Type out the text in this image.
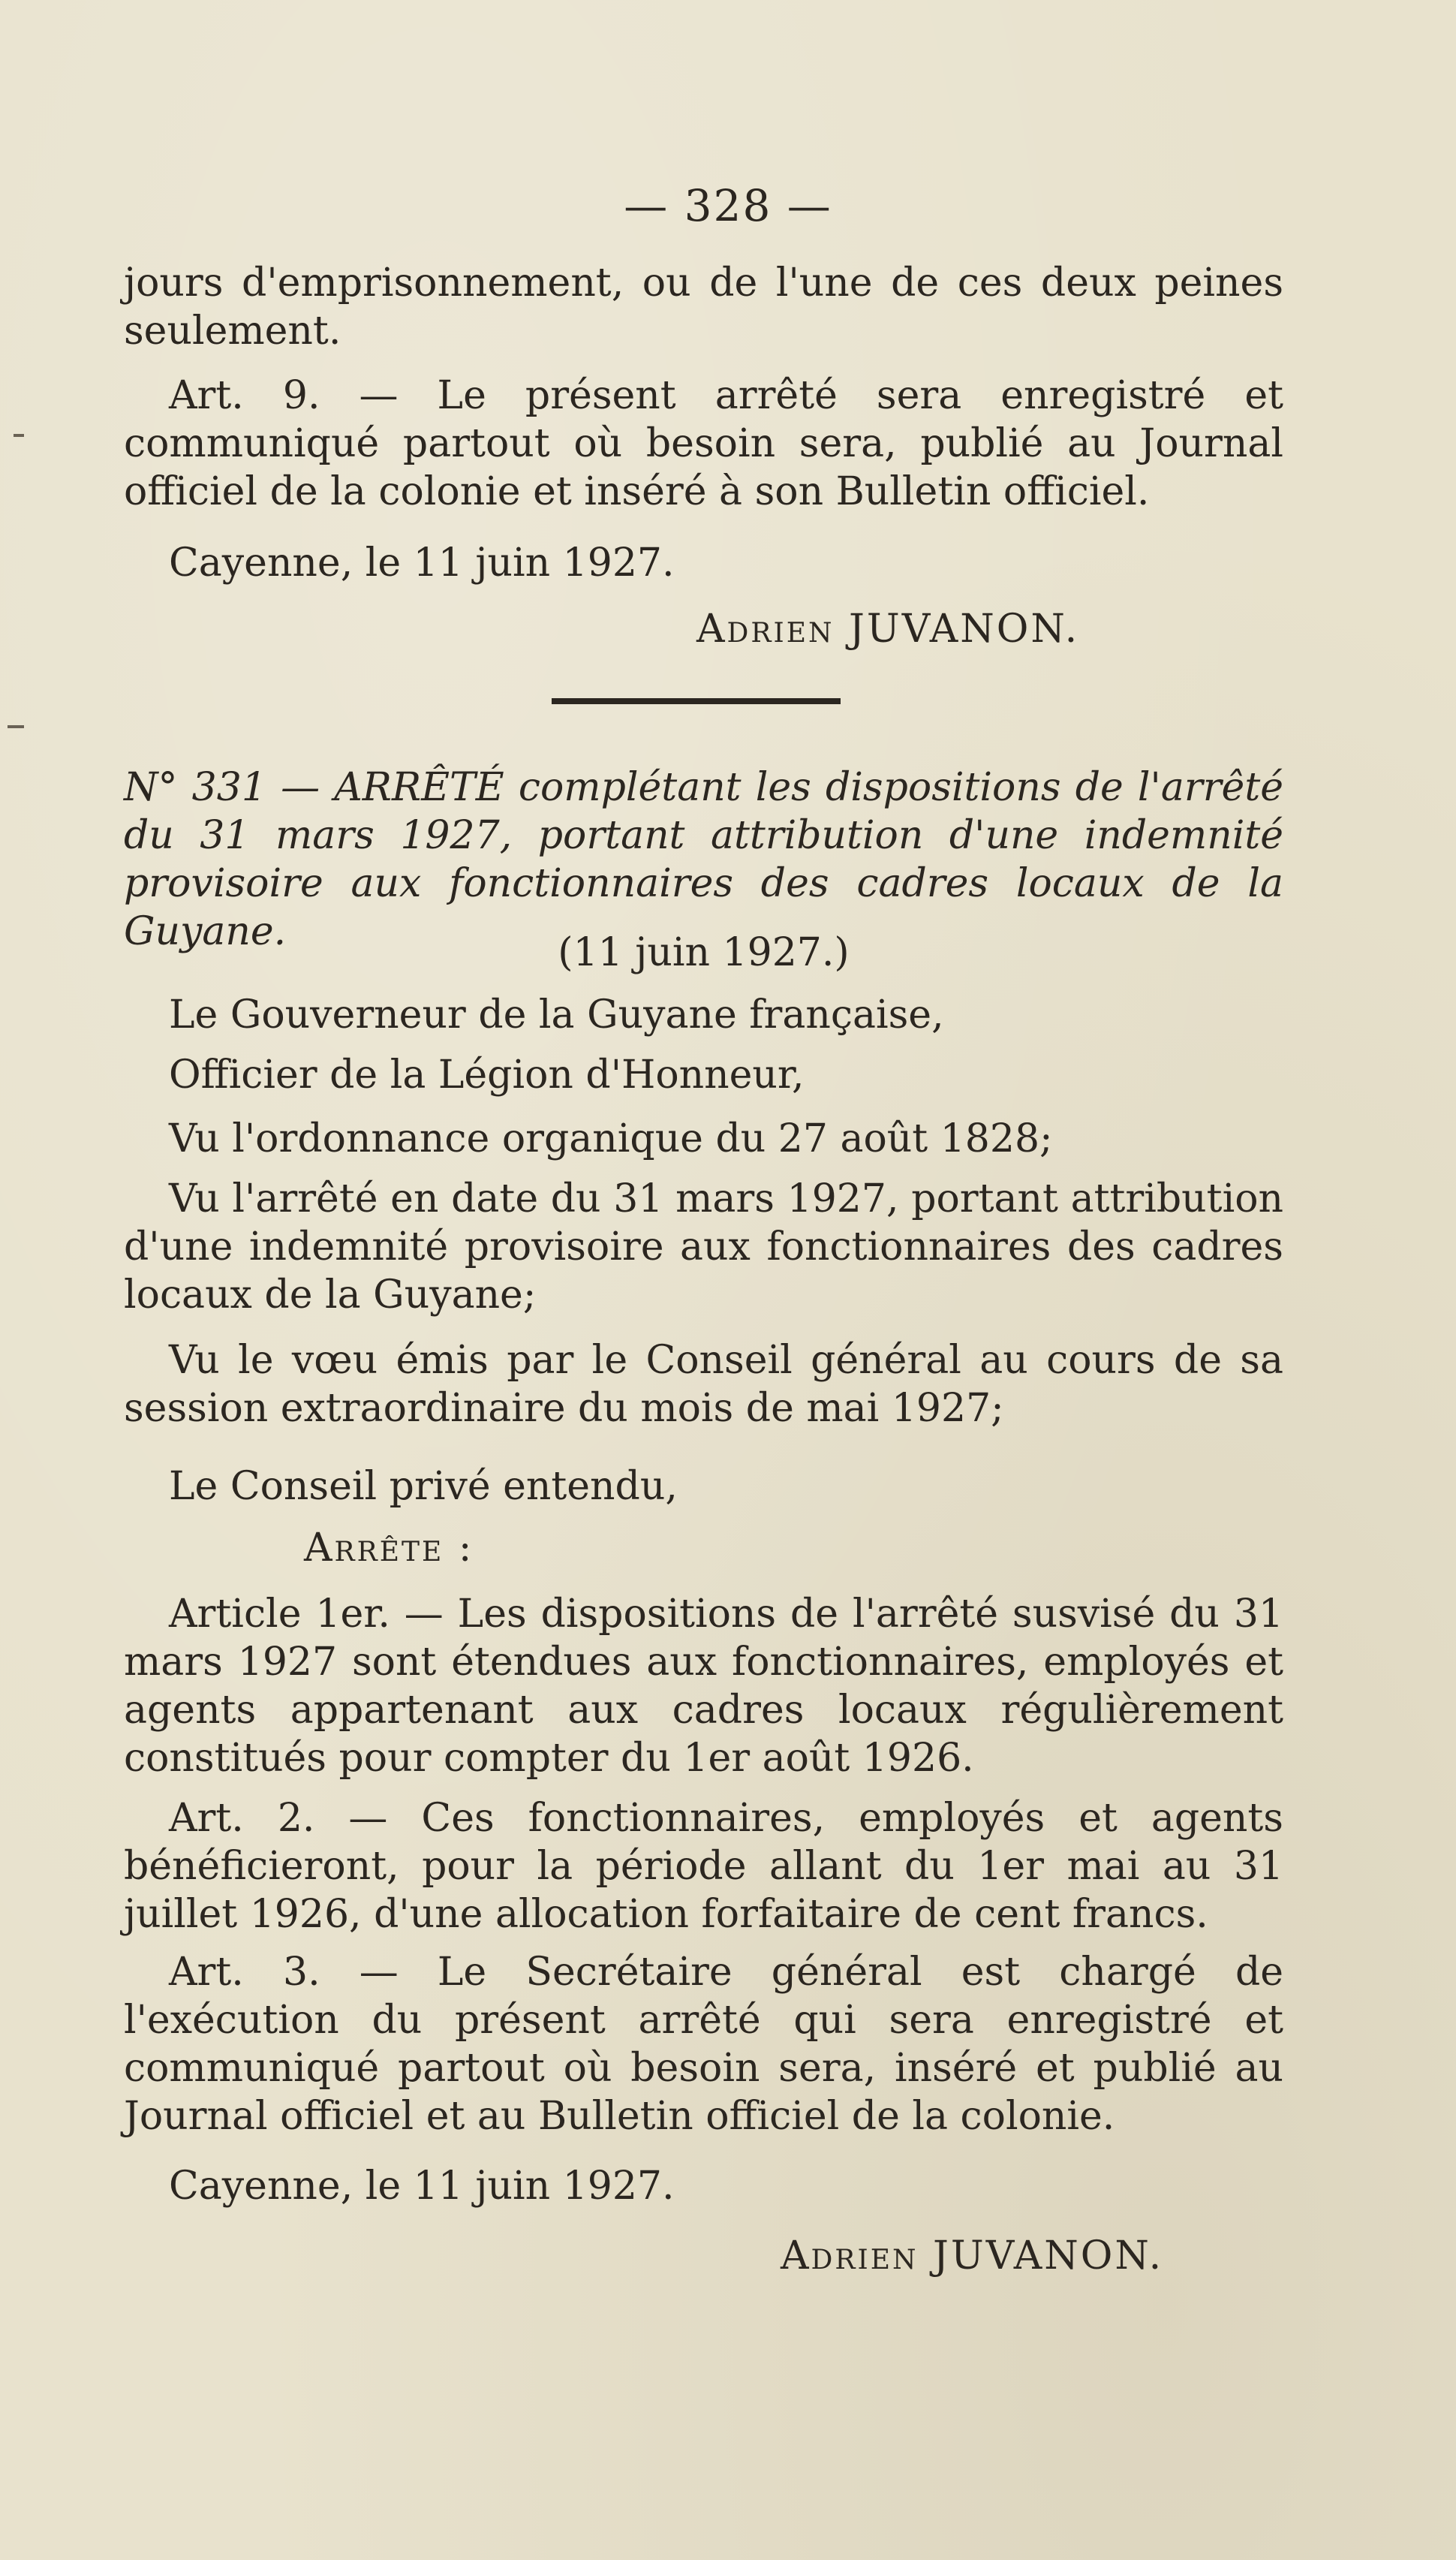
— 328 —
jours d'emprisonnement, ou de l'une de ces deux peines seulement.
Art. 9. — Le présent arrêté sera enregistré et communiqué partout où besoin sera, publié au Journal officiel de la colonie et inséré à son Bulletin officiel.
Cayenne, le 11 juin 1927.
Adrien JUVANON.
N° 331 — ARRÊTÉ complétant les dispositions de l'arrêté du 31 mars 1927, portant attribution d'une indemnité provisoire aux fonctionnaires des cadres locaux de la Guyane.	(11 juin 1927.)
Le Gouverneur de la Guyane française,
Officier de la Légion d'Honneur,
Vu l'ordonnance organique du 27 août 1828;
Vu l'arrêté en date du 31 mars 1927, portant attribution d'une indemnité provisoire aux fonctionnaires des cadres locaux de la Guyane;
Vu le vœu émis par le Conseil général au cours de sa session extraordinaire du mois de mai 1927;
Le Conseil privé entendu,
Arrête :
Article 1er. — Les dispositions de l'arrêté susvisé du 31 mars 1927 sont étendues aux fonctionnaires, employés et agents appartenant aux cadres locaux régulièrement constitués pour compter du 1er août 1926.
Art. 2. — Ces fonctionnaires, employés et agents bénéficieront, pour la période allant du 1er mai au 31 juillet 1926, d'une allocation forfaitaire de cent francs.
Art. 3. — Le Secrétaire général est chargé de l'exécution du présent arrêté qui sera enregistré et communiqué partout où besoin sera, inséré et publié au Journal officiel et au Bulletin officiel de la colonie.
Cayenne, le 11 juin 1927.
Adrien JUVANON.
